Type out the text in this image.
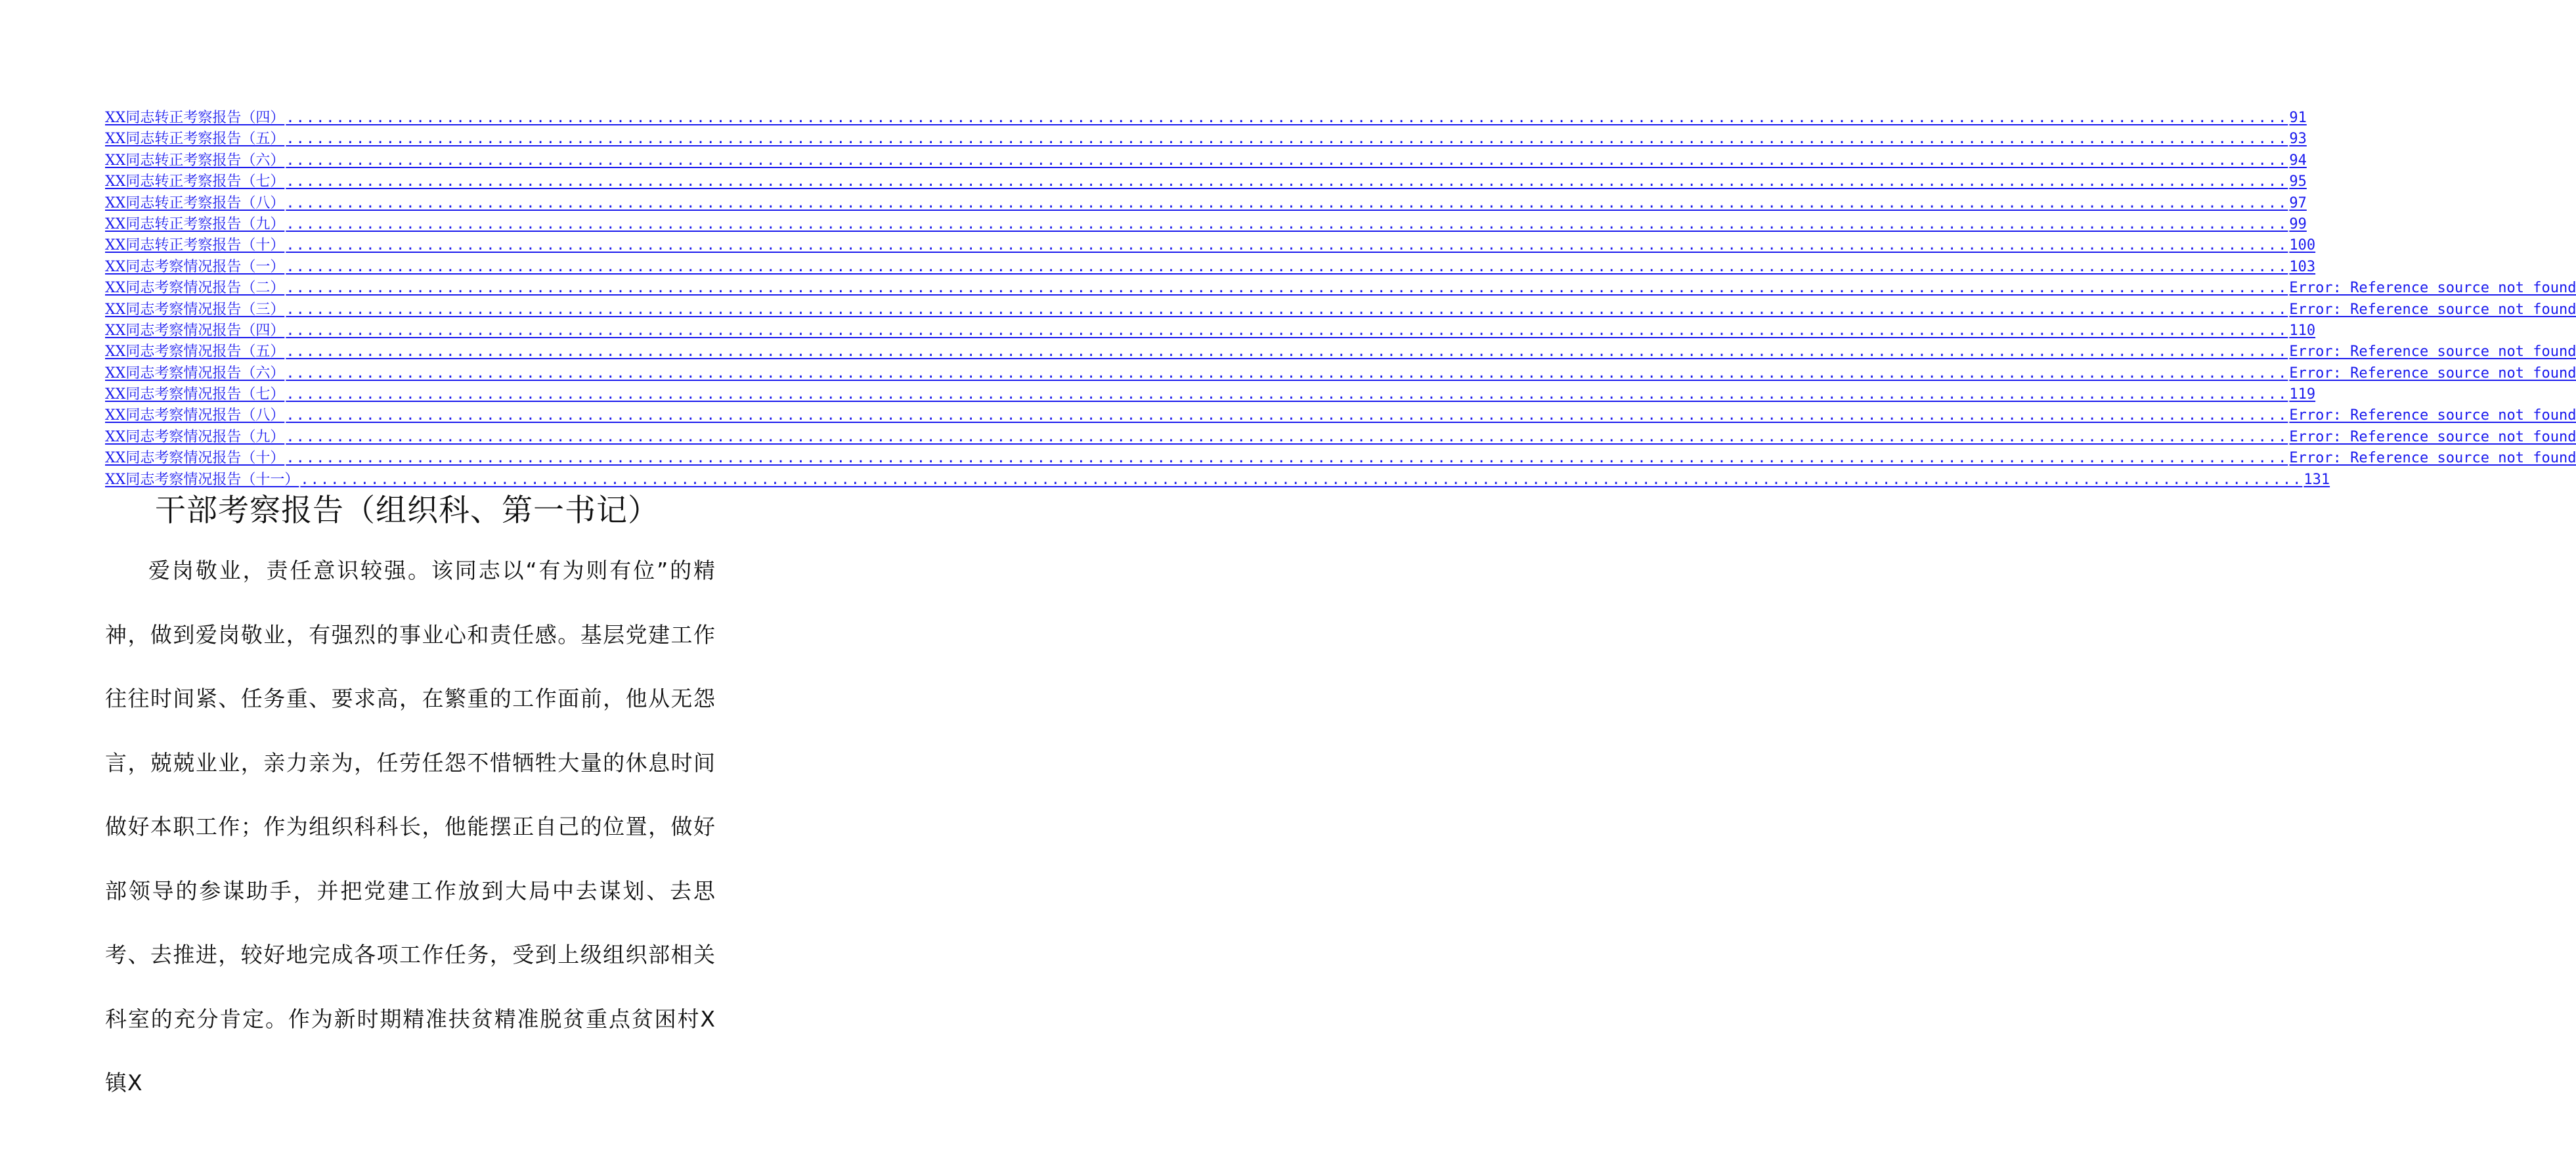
XX同志转正考察报告（四） ........................................................................................................................................................................................................ 91
XX同志转正考察报告（五） ........................................................................................................................................................................................................ 93
XX同志转正考察报告（六） ........................................................................................................................................................................................................ 94
XX同志转正考察报告（七） ........................................................................................................................................................................................................ 95
XX同志转正考察报告（八） ........................................................................................................................................................................................................ 97
XX同志转正考察报告（九） ........................................................................................................................................................................................................ 99
XX同志转正考察报告（十） ........................................................................................................................................................................................................ 100
XX同志考察情况报告（一） ........................................................................................................................................................................................................ 103
XX同志考察情况报告（二） ........................................................................................................................................................................................................ Error: Reference source not found
XX同志考察情况报告（三） ........................................................................................................................................................................................................ Error: Reference source not found
XX同志考察情况报告（四） ........................................................................................................................................................................................................ 110
XX同志考察情况报告（五） ........................................................................................................................................................................................................ Error: Reference source not found
XX同志考察情况报告（六） ........................................................................................................................................................................................................ Error: Reference source not found
XX同志考察情况报告（七） ........................................................................................................................................................................................................ 119
XX同志考察情况报告（八） ........................................................................................................................................................................................................ Error: Reference source not found
XX同志考察情况报告（九） ........................................................................................................................................................................................................ Error: Reference source not found
XX同志考察情况报告（十） ........................................................................................................................................................................................................ Error: Reference source not found
XX同志考察情况报告（十一） ........................................................................................................................................................................................................ 131
干部考察报告（组织科、第一书记）

爱岗敬业，责任意识较强。该同志以“有为则有位”的精神，做到爱岗敬业，有强烈的事业心和责任感。基层党建工作往往时间紧、任务重、要求高，在繁重的工作面前，他从无怨言，兢兢业业，亲力亲为，任劳任怨不惜牺牲大量的休息时间做好本职工作；作为组织科科长，他能摆正自己的位置，做好部领导的参谋助手，并把党建工作放到大局中去谋划、去思考、去推进，较好地完成各项工作任务，受到上级组织部相关科室的充分肯定。作为新时期精准扶贫精准脱贫重点贫困村X镇X
